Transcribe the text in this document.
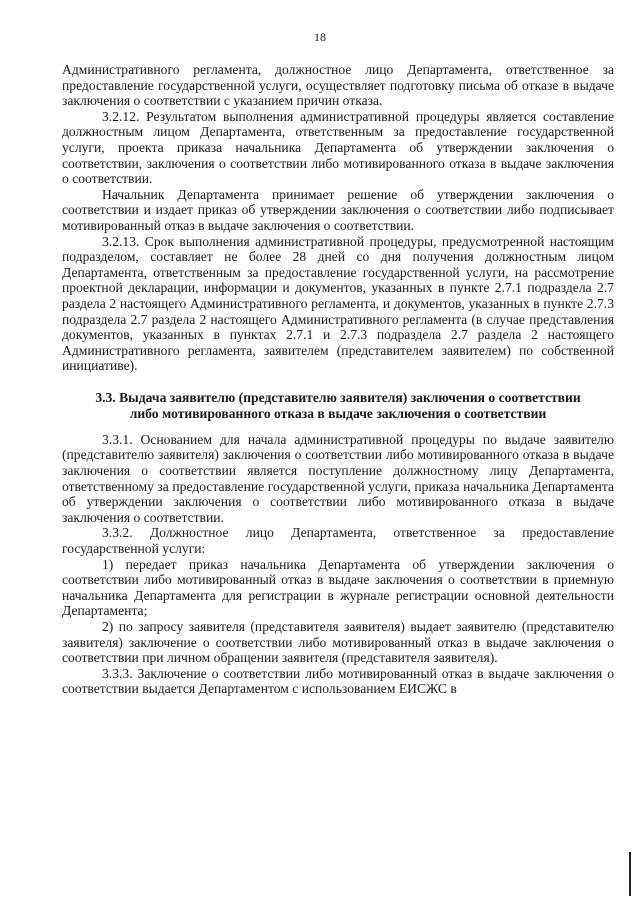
18

Административного регламента, должностное лицо Департамента, ответственное за предоставление государственной услуги, осуществляет подготовку письма об отказе в выдаче заключения о соответствии с указанием причин отказа.

3.2.12. Результатом выполнения административной процедуры является составление должностным лицом Департамента, ответственным за предоставление государственной услуги, проекта приказа начальника Департамента об утверждении заключения о соответствии, заключения о соответствии либо мотивированного отказа в выдаче заключения о соответствии.

Начальник Департамента принимает решение об утверждении заключения о соответствии и издает приказ об утверждении заключения о соответствии либо подписывает мотивированный отказ в выдаче заключения о соответствии.

3.2.13. Срок выполнения административной процедуры, предусмотренной настоящим подразделом, составляет не более 28 дней со дня получения должностным лицом Департамента, ответственным за предоставление государственной услуги, на рассмотрение проектной декларации, информации и документов, указанных в пункте 2.7.1 подраздела 2.7 раздела 2 настоящего Административного регламента, и документов, указанных в пункте 2.7.3 подраздела 2.7 раздела 2 настоящего Административного регламента (в случае представления документов, указанных в пунктах 2.7.1 и 2.7.3 подраздела 2.7 раздела 2 настоящего Административного регламента, заявителем (представителем заявителем) по собственной инициативе).

3.3. Выдача заявителю (представителю заявителя) заключения о соответствии либо мотивированного отказа в выдаче заключения о соответствии

3.3.1. Основанием для начала административной процедуры по выдаче заявителю (представителю заявителя) заключения о соответствии либо мотивированного отказа в выдаче заключения о соответствии является поступление должностному лицу Департамента, ответственному за предоставление государственной услуги, приказа начальника Департамента об утверждении заключения о соответствии либо мотивированного отказа в выдаче заключения о соответствии.

3.3.2. Должностное лицо Департамента, ответственное за предоставление государственной услуги:

1) передает приказ начальника Департамента об утверждении заключения о соответствии либо мотивированный отказ в выдаче заключения о соответствии в приемную начальника Департамента для регистрации в журнале регистрации основной деятельности Департамента;

2) по запросу заявителя (представителя заявителя) выдает заявителю (представителю заявителя) заключение о соответствии либо мотивированный отказ в выдаче заключения о соответствии при личном обращении заявителя (представителя заявителя).

3.3.3. Заключение о соответствии либо мотивированный отказ в выдаче заключения о соответствии выдается Департаментом с использованием ЕИСЖС в
